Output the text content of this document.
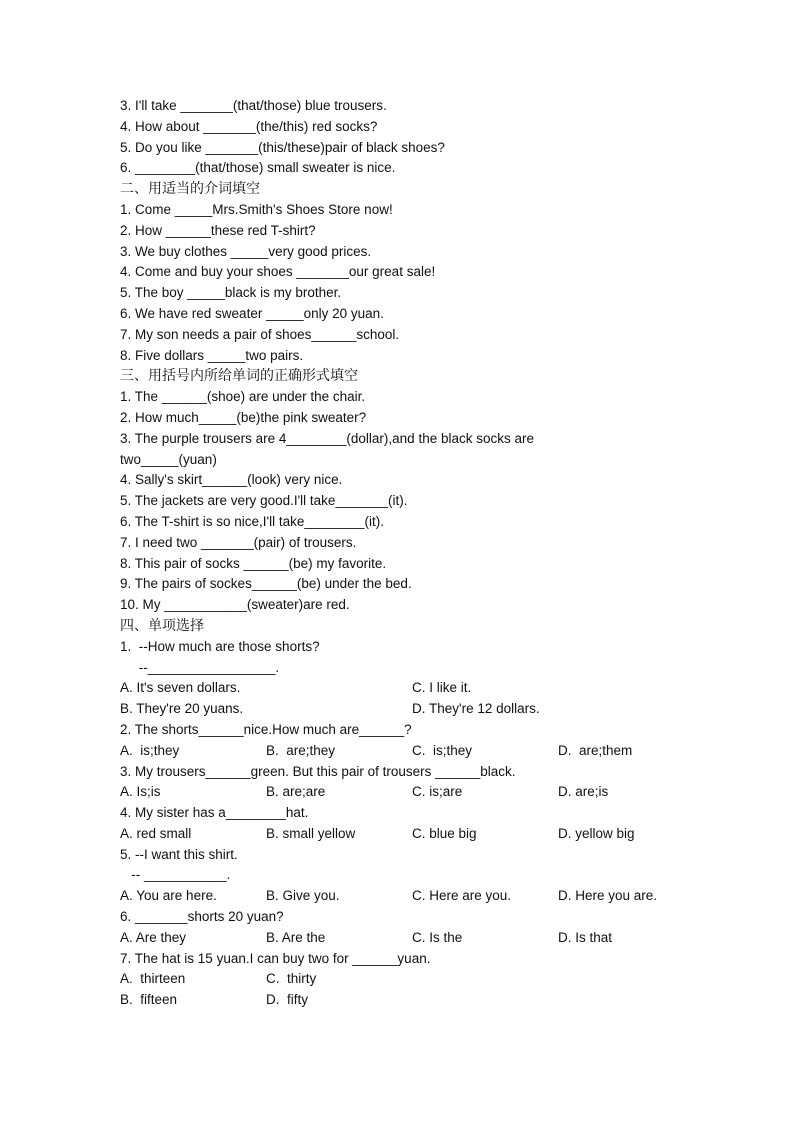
3. I'll take _______(that/those) blue trousers.
4. How about _______(the/this) red socks?
5. Do you like _______(this/these)pair of black shoes?
6. ________(that/those) small sweater is nice.
二、用适当的介词填空
1. Come _____Mrs.Smith's Shoes Store now!
2. How ______these red T-shirt?
3. We buy clothes _____very good prices.
4. Come and buy your shoes _______our great sale!
5. The boy _____black is my brother.
6. We have red sweater _____only 20 yuan.
7. My son needs a pair of shoes______school.
8. Five dollars _____two pairs.
三、用括号内所给单词的正确形式填空
1. The ______(shoe) are under the chair.
2. How much_____(be)the pink sweater?
3. The purple trousers are 4________(dollar),and the black socks are
two_____(yuan)
4. Sally's skirt______(look) very nice.
5. The jackets are very good.I'll take_______(it).
6. The T-shirt is so nice,I'll take________(it).
7. I need two _______(pair) of trousers.
8. This pair of socks ______(be) my favorite.
9. The pairs of sockes______(be) under the bed.
10. My ___________(sweater)are red.
四、单项选择
1.  --How much are those shorts?
--_________________.
A. It's seven dollars.	C. I like it.
B. They're 20 yuans.	D. They're 12 dollars.
2. The shorts______nice.How much are______?
A.  is;they	B.  are;they	C.  is;they	D.  are;them
3. My trousers______green. But this pair of trousers ______black.
A. Is;is	B. are;are	C. is;are	D. are;is
4. My sister has a________hat.
A. red small	B. small yellow	C. blue big	D. yellow big
5. --I want this shirt.
-- ___________.
A. You are here.	B. Give you.	C. Here are you.	D. Here you are.
6. _______shorts 20 yuan?
A. Are they	B. Are the	C. Is the	D. Is that
7. The hat is 15 yuan.I can buy two for ______yuan.
A.  thirteen	C.  thirty
B.  fifteen	D.  fifty
